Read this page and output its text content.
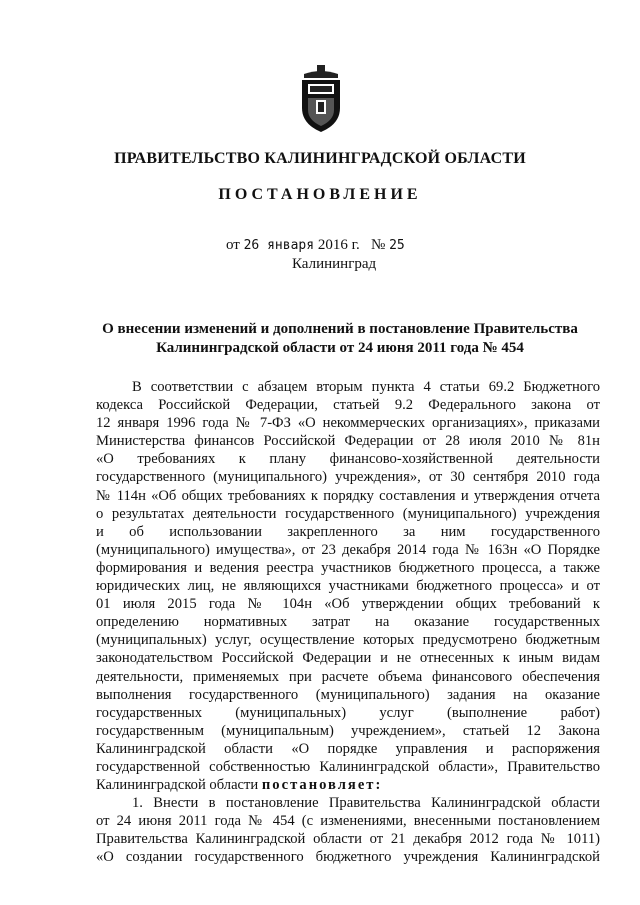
ПРАВИТЕЛЬСТВО КАЛИНИНГРАДСКОЙ ОБЛАСТИ
ПОСТАНОВЛЕНИЕ
от 26 января 2016 г. № 25
Калининград
О внесении изменений и дополнений в постановление Правительства
Калининградской области от 24 июня 2011 года № 454
В соответствии с абзацем вторым пункта 4 статьи 69.2 Бюджетного
кодекса Российской Федерации, статьей 9.2 Федерального закона от
12 января 1996 года № 7-ФЗ «О некоммерческих организациях», приказами
Министерства финансов Российской Федерации от 28 июля 2010 № 81н
«О требованиях к плану финансово-хозяйственной деятельности
государственного (муниципального) учреждения», от 30 сентября 2010 года
№ 114н «Об общих требованиях к порядку составления и утверждения отчета
о результатах деятельности государственного (муниципального) учреждения
и об использовании закрепленного за ним государственного
(муниципального) имущества», от 23 декабря 2014 года № 163н «О Порядке
формирования и ведения реестра участников бюджетного процесса, а также
юридических лиц, не являющихся участниками бюджетного процесса» и от
01 июля 2015 года № 104н «Об утверждении общих требований к
определению нормативных затрат на оказание государственных
(муниципальных) услуг, осуществление которых предусмотрено бюджетным
законодательством Российской Федерации и не отнесенных к иным видам
деятельности, применяемых при расчете объема финансового обеспечения
выполнения государственного (муниципального) задания на оказание
государственных (муниципальных) услуг (выполнение работ)
государственным (муниципальным) учреждением», статьей 12 Закона
Калининградской области «О порядке управления и распоряжения
государственной собственностью Калининградской области», Правительство
Калининградской области постановляет:
1. Внести в постановление Правительства Калининградской области
от 24 июня 2011 года № 454 (с изменениями, внесенными постановлением
Правительства Калининградской области от 21 декабря 2012 года № 1011)
«О создании государственного бюджетного учреждения Калининградской
